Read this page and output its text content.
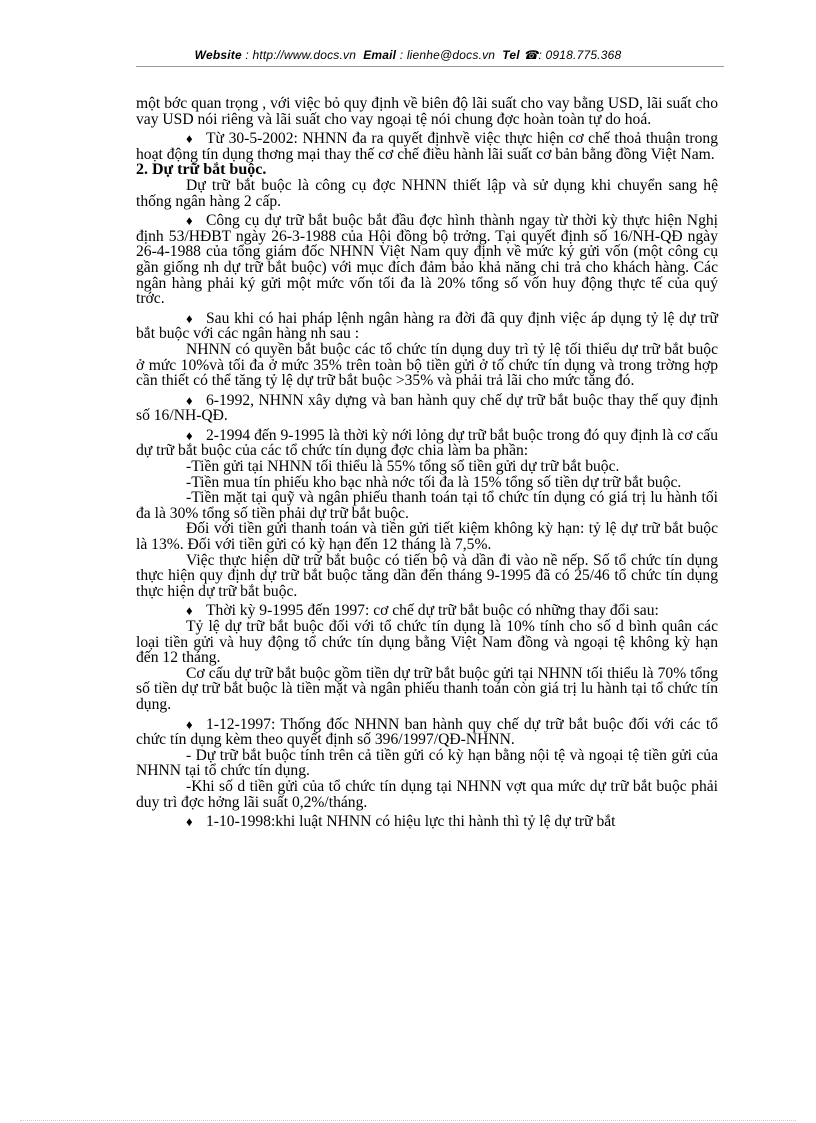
Website : http://www.docs.vn Email : lienhe@docs.vn Tel ☎: 0918.775.368

một bớc quan trọng , với việc bỏ quy định về biên độ lãi suất cho vay bằng USD, lãi suất cho vay USD nói riêng và lãi suất cho vay ngoại tệ nói chung đợc hoàn toàn tự do hoá.

♦ Từ 30-5-2002: NHNN đa ra quyết địnhvề việc thực hiện cơ chế thoả thuận trong hoạt động tín dụng thơng mại thay thế cơ chế điều hành lãi suất cơ bản bằng đồng Việt Nam.

2. Dự trữ bắt buộc.

Dự trữ bắt buộc là công cụ đợc NHNN thiết lập và sử dụng khi chuyển sang hệ thống ngân hàng 2 cấp.

♦ Công cụ dự trữ bắt buộc bắt đầu đợc hình thành ngay từ thời kỳ thực hiện Nghị định 53/HĐBT ngày 26-3-1988 của Hội đồng bộ trởng. Tại quyết định số 16/NH-QĐ ngày 26-4-1988 của tổng giám đốc NHNN Việt Nam quy định về mức ký gửi vốn (một công cụ gần giống nh dự trữ bắt buộc) với mục đích đảm bảo khả năng chi trả cho khách hàng. Các ngân hàng phải ký gửi một mức vốn tối đa là 20% tổng số vốn huy động thực tế của quý trớc.

♦ Sau khi có hai pháp lệnh ngân hàng ra đời đã quy định việc áp dụng tỷ lệ dự trữ bắt buộc với các ngân hàng nh sau :

NHNN có quyền bắt buộc các tổ chức tín dụng duy trì tỷ lệ tối thiểu dự trữ bắt buộc ở mức 10%và tối đa ở mức 35% trên toàn bộ tiền gửi ở tổ chức tín dụng và trong trờng hợp cần thiết có thể tăng tỷ lệ dự trữ bắt buộc >35% và phải trả lãi cho mức tăng đó.

♦ 6-1992, NHNN xây dựng và ban hành quy chế dự trữ bắt buộc thay thế quy định số 16/NH-QĐ.

♦ 2-1994 đến 9-1995 là thời kỳ nới lỏng dự trữ bắt buộc trong đó quy định là cơ cấu dự trữ bắt buộc của các tổ chức tín dụng đợc chia làm ba phần:

-Tiền gửi tại NHNN tối thiểu là 55% tổng số tiền gửi dự trữ bắt buộc.

-Tiền mua tín phiếu kho bạc nhà nớc tối đa là 15% tổng số tiền dự trữ bắt buộc.

-Tiền mặt tại quỹ và ngân phiếu thanh toán tại tổ chức tín dụng có giá trị lu hành tối đa là 30% tổng số tiền phải dự trữ bắt buộc.

Đối với tiền gửi thanh toán và tiền gửi tiết kiệm không kỳ hạn: tỷ lệ dự trữ bắt buộc là 13%. Đối với tiền gửi có kỳ hạn đến 12 tháng là 7,5%.

Việc thực hiện dữ trữ bắt buộc có tiến bộ và dần đi vào nề nếp. Số tổ chức tín dụng thực hiện quy định dự trữ bắt buộc tăng dần đến tháng 9-1995 đã có 25/46 tổ chức tín dụng thực hiện dự trữ bắt buộc.

♦ Thời kỳ 9-1995 đến 1997: cơ chế dự trữ bắt buộc có những thay đổi sau:

Tỷ lệ dự trữ bắt buộc đối với tổ chức tín dụng là 10% tính cho số d bình quân các loại tiền gửi và huy động tổ chức tín dụng bằng Việt Nam đồng và ngoại tệ không kỳ hạn đến 12 tháng.

Cơ cấu dự trữ bắt buộc gồm tiền dự trữ bắt buộc gửi tại NHNN tối thiểu là 70% tổng số tiền dự trữ bắt buộc là tiền mặt và ngân phiếu thanh toán còn giá trị lu hành tại tổ chức tín dụng.

♦ 1-12-1997: Thống đốc NHNN ban hành quy chế dự trữ bắt buộc đối với các tổ chức tín dụng kèm theo quyết định số 396/1997/QĐ-NHNN.

- Dự trữ bắt buộc tính trên cả tiền gửi có kỳ hạn bằng nội tệ và ngoại tệ tiền gửi của NHNN tại tổ chức tín dụng.

-Khi số d tiền gửi của tổ chức tín dụng tại NHNN vợt qua mức dự trữ bắt buộc phải duy trì đợc hởng lãi suất 0,2%/tháng.

♦ 1-10-1998:khi luật NHNN có hiệu lực thi hành thì tỷ lệ dự trữ bắt
